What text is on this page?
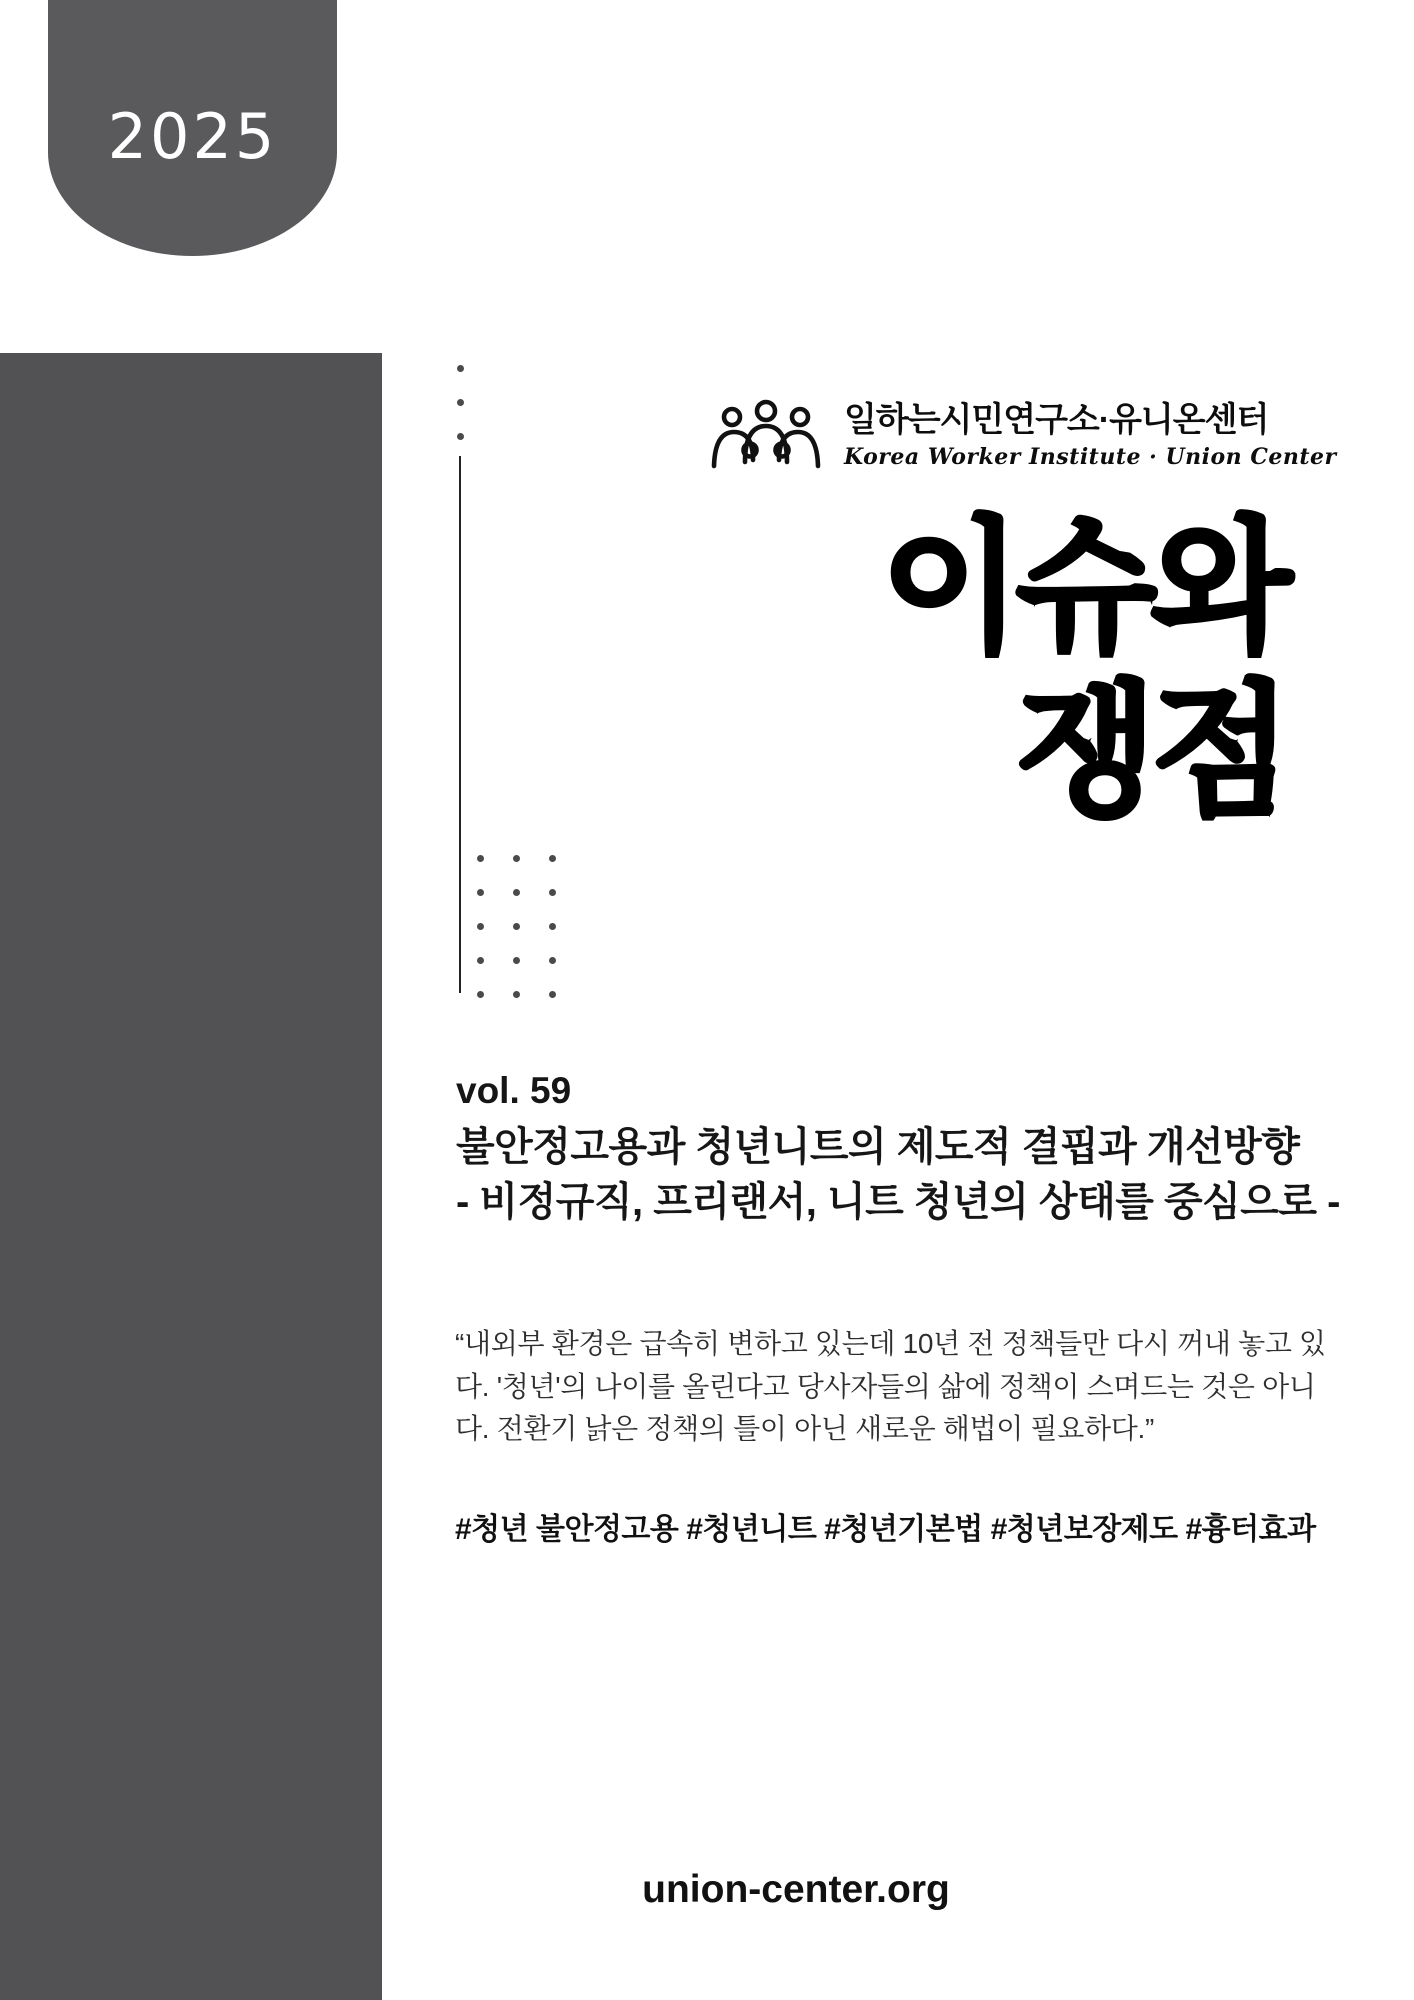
2025
일하는시민연구소·유니온센터
Korea Worker Institute · Union Center
이슈와
쟁점
vol. 59
불안정고용과 청년니트의 제도적 결핍과 개선방향
- 비정규직, 프리랜서, 니트 청년의 상태를 중심으로 -
“내외부 환경은 급속히 변하고 있는데 10년 전 정책들만 다시 꺼내 놓고 있다. '청년'의 나이를 올린다고 당사자들의 삶에 정책이 스며드는 것은 아니다. 전환기 낡은 정책의 틀이 아닌 새로운 해법이 필요하다.”
#청년 불안정고용 #청년니트 #청년기본법 #청년보장제도 #흉터효과
union-center.org
